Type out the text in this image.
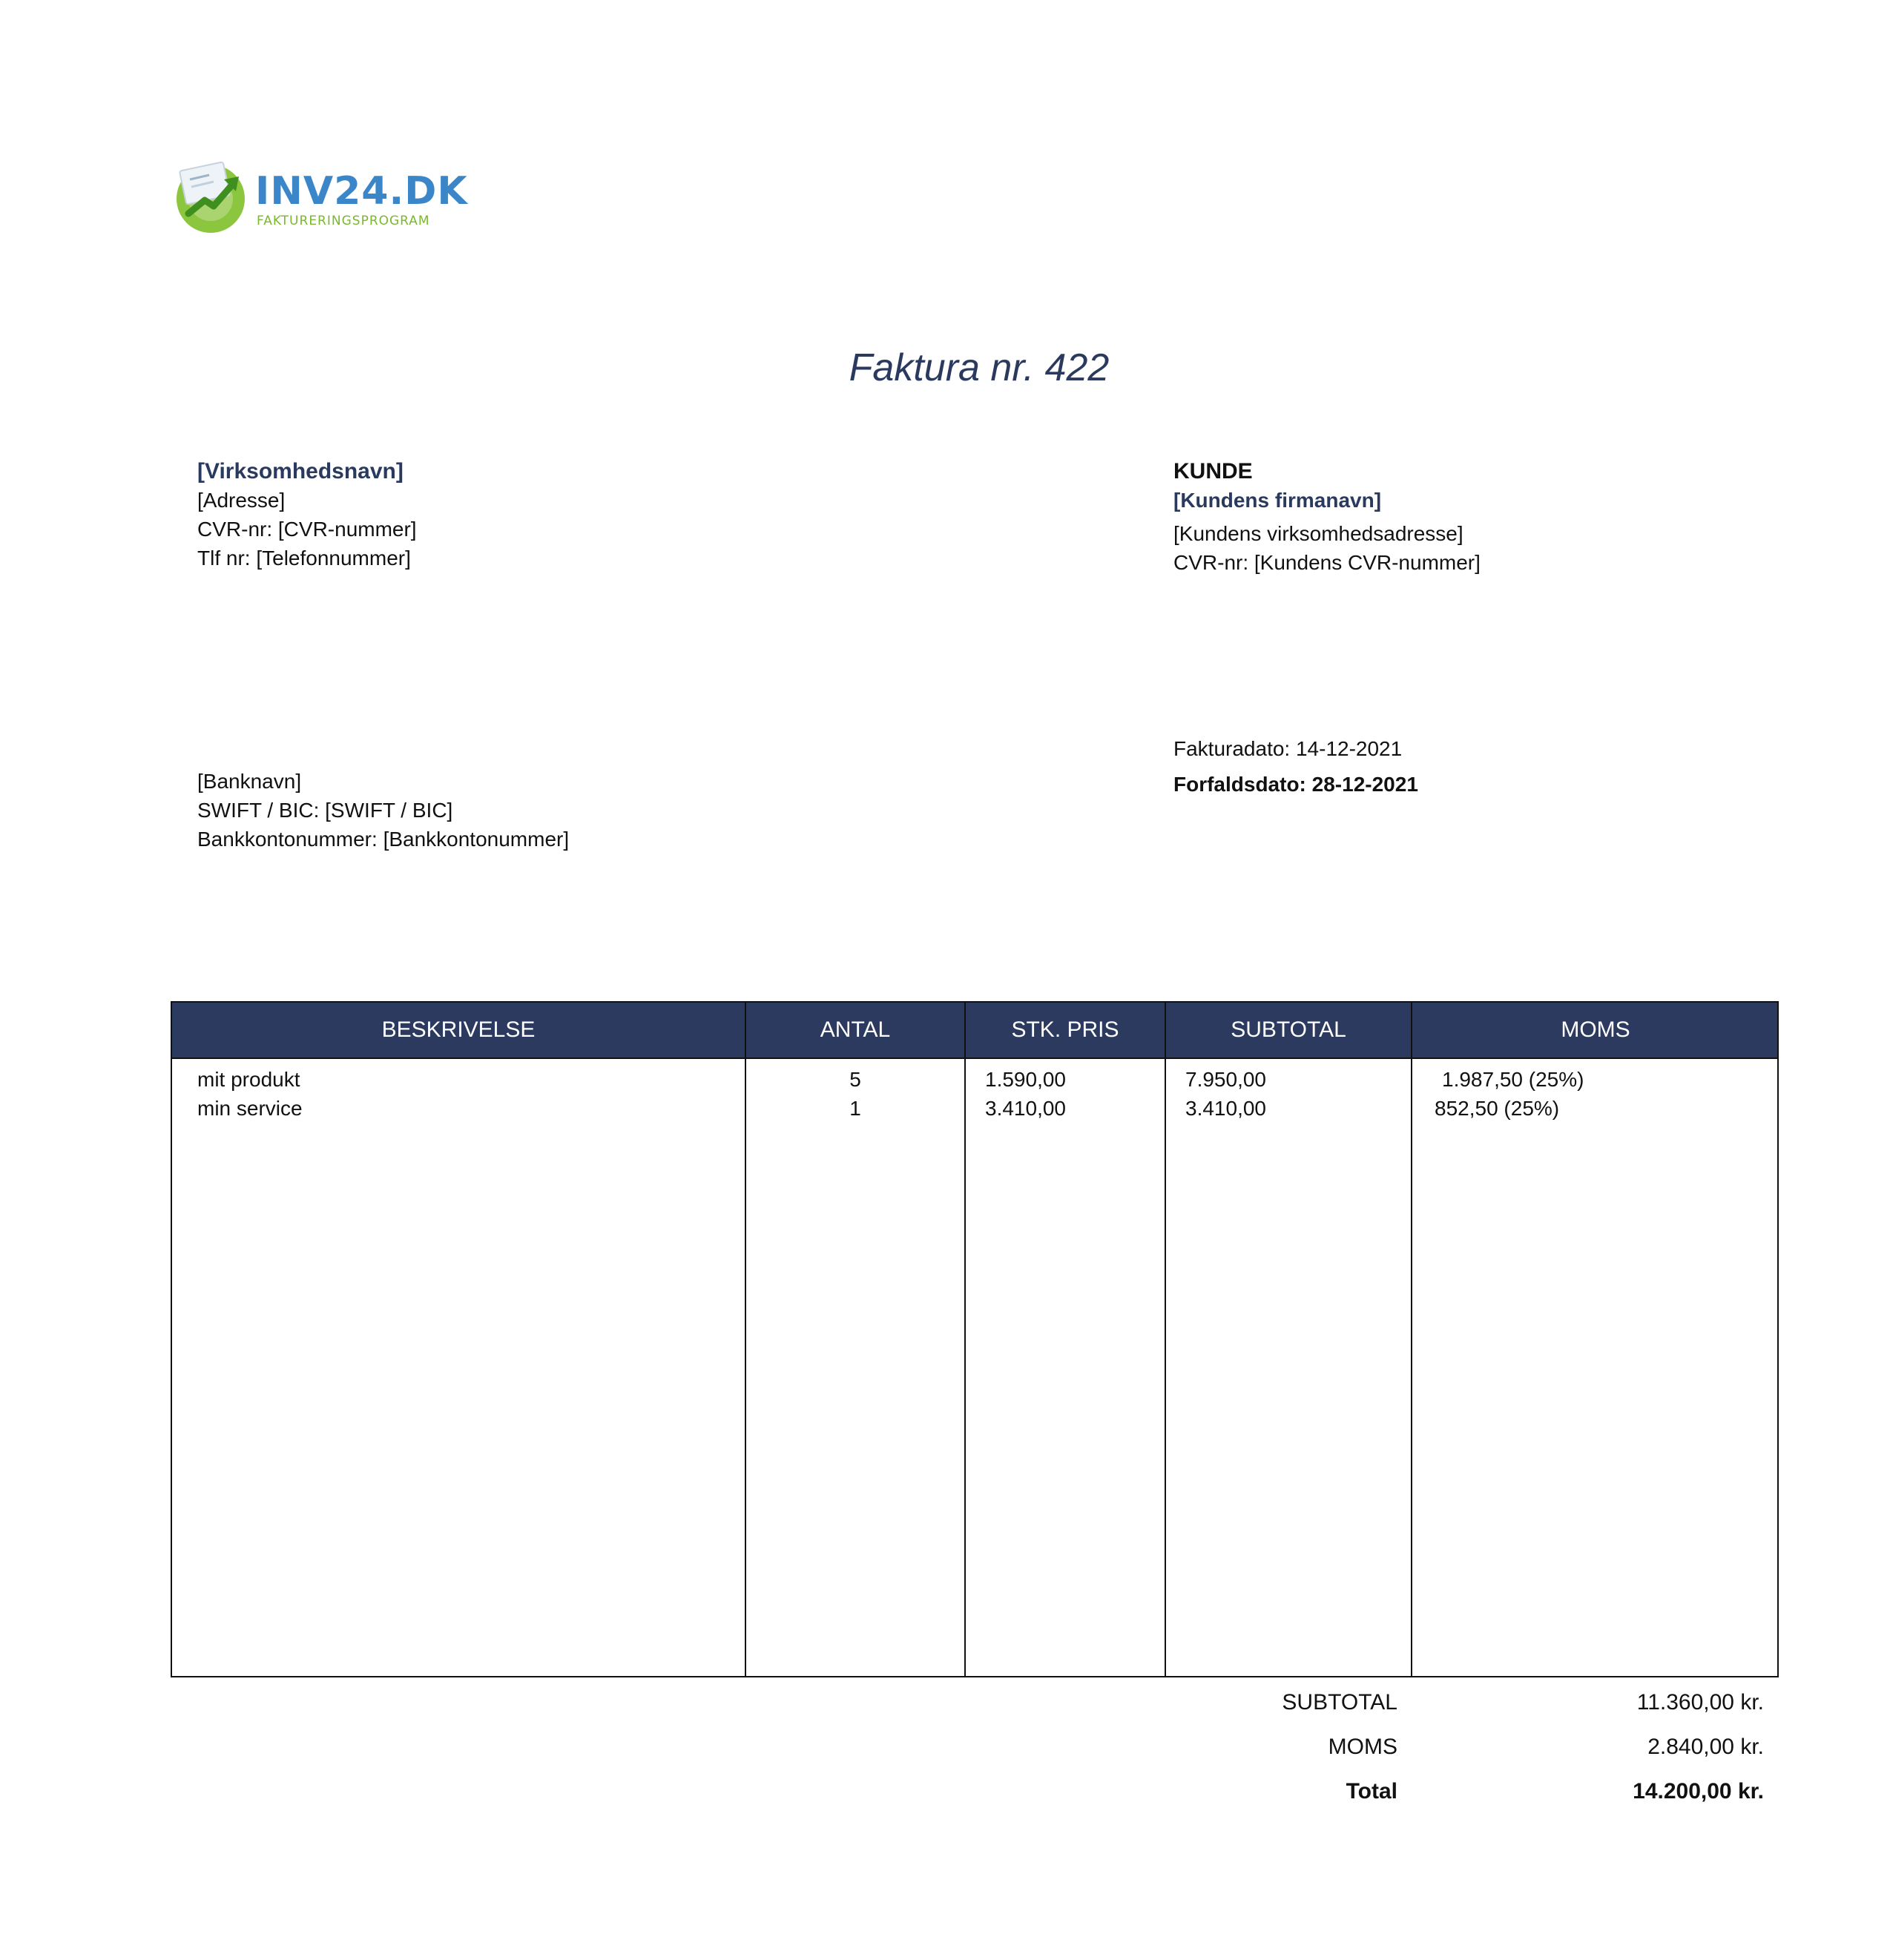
INV24.DK
FAKTURERINGSPROGRAM
Faktura nr. 422
[Virksomhedsnavn]
[Adresse]
CVR-nr: [CVR-nummer]
Tlf nr: [Telefonnummer]
KUNDE
[Kundens firmanavn]
[Kundens virksomhedsadresse]
CVR-nr: [Kundens CVR-nummer]
Fakturadato: 14-12-2021
Forfaldsdato: 28-12-2021
[Banknavn]
SWIFT / BIC: [SWIFT / BIC]
Bankkontonummer: [Bankkontonummer]
BESKRIVELSE	ANTAL	STK. PRIS	SUBTOTAL	MOMS
mit produkt	5	1.590,00	7.950,00	1.987,50 (25%)
min service	1	3.410,00	3.410,00	852,50 (25%)
SUBTOTAL	11.360,00 kr.
MOMS	2.840,00 kr.
Total	14.200,00 kr.
